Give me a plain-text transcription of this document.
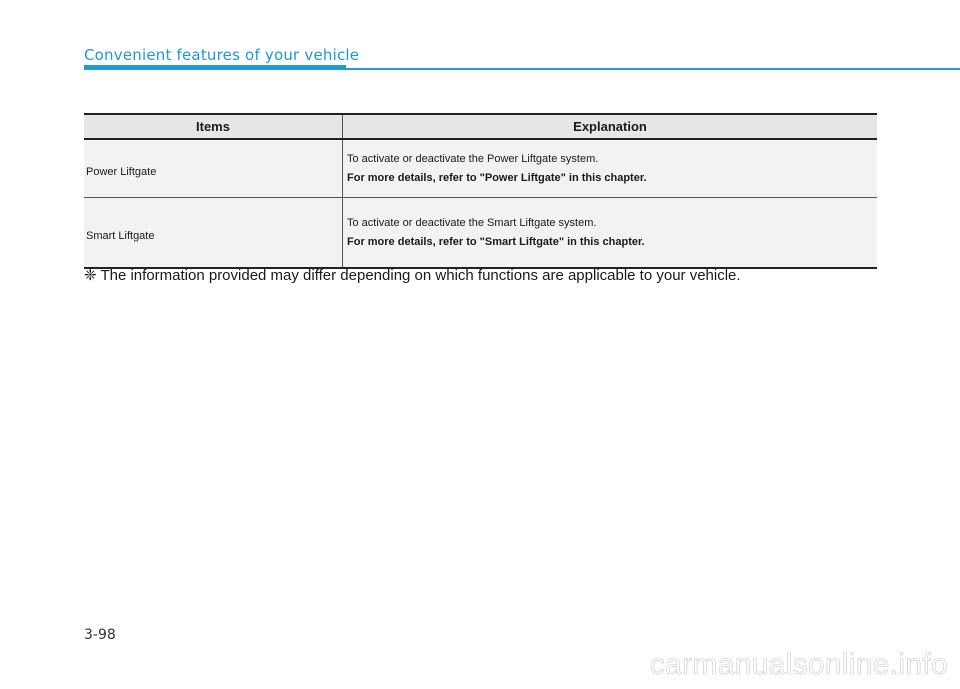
Convenient features of your vehicle
Items	Explanation
Power Liftgate	To activate or deactivate the Power Liftgate system.

For more details, refer to "Power Liftgate" in this chapter.

Smart Liftgate	To activate or deactivate the Smart Liftgate system.

For more details, refer to "Smart Liftgate" in this chapter.

❈ The information provided may differ depending on which functions are applicable to your vehicle.
3-98
carmanualsonline.info
